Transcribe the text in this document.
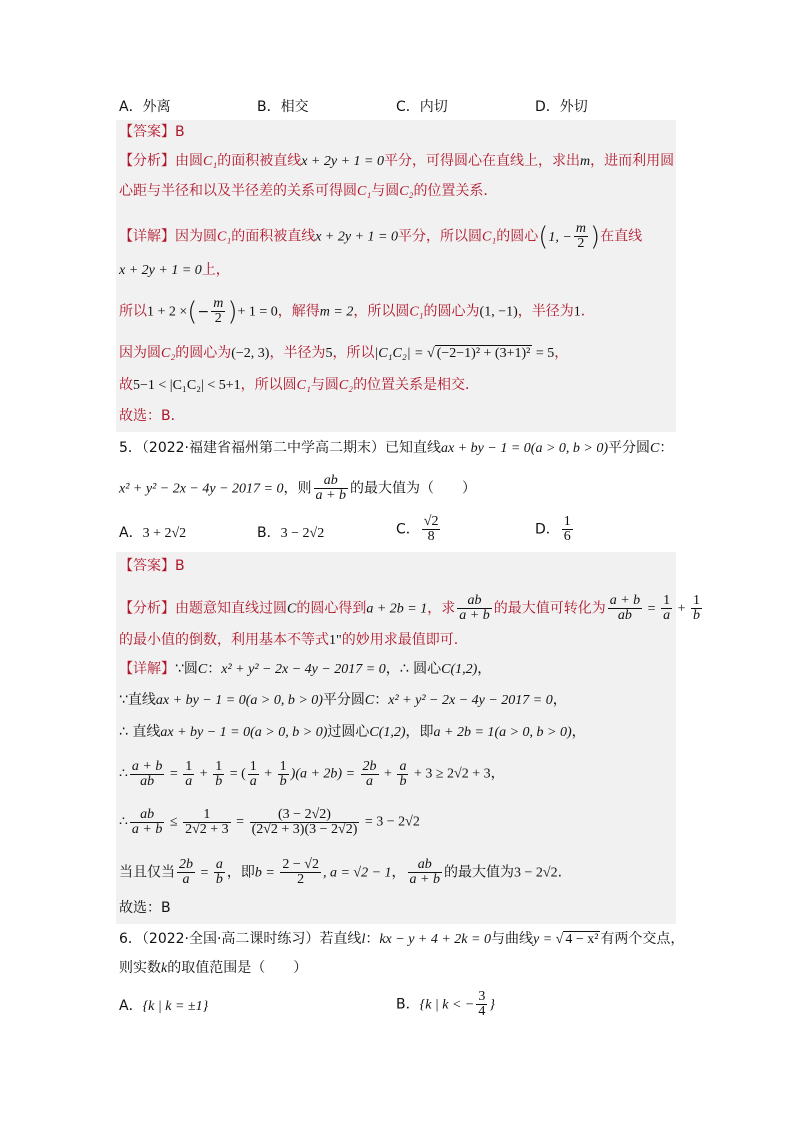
A．外离	B．相交	C．内切	D．外切
【答案】B
【分析】由圆C₁的面积被直线x + 2y + 1 = 0平分，可得圆心在直线上，求出m，进而利用圆
心距与半径和以及半径差的关系可得圆C₁与圆C₂的位置关系．
【详解】因为圆C₁的面积被直线x + 2y + 1 = 0平分，所以圆C₁的圆心(1, − $\frac{m}{2}$ )在直线
x + 2y + 1 = 0上，
所以1 + 2 ×(− $\frac{m}{2}$ )+ 1 = 0，解得m = 2，所以圆C₁的圆心为(1, −1)，半径为1．
因为圆C₂的圆心为(−2, 3)，半径为5，所以|C₁C₂| = √ (−2−1)² + (3+1)² = 5，
故5−1 < |C₁C₂| < 5+1，所以圆C₁与圆C₂的位置关系是相交．
故选：B．
5．（2022·福建省福州第二中学高二期末）已知直线ax + by − 1 = 0(a > 0, b > 0)平分圆C：
x² + y² − 2x − 4y − 2017 = 0，则 $\frac{ab}{a + b}$ 的最大值为（　　）
A．3 + 2√2	B．3 − 2√2	C． $\frac{√2}{8}$	D． $\frac{1}{6}$
【答案】B
【分析】由题意知直线过圆C的圆心得到a + 2b = 1，求 $\frac{ab}{a + b}$ 的最大值可转化为 $\frac{a + b}{ab} = \frac{1}{a} + \frac{1}{b}$
的最小值的倒数，利用基本不等式1"的妙用求最值即可.
【详解】∵圆C：x² + y² − 2x − 4y − 2017 = 0，∴ 圆心C(1,2)，
∵直线ax + by − 1 = 0(a > 0, b > 0)平分圆C：x² + y² − 2x − 4y − 2017 = 0，
∴ 直线ax + by − 1 = 0(a > 0, b > 0)过圆心C(1,2)，即a + 2b = 1(a > 0, b > 0)，
∴ $\frac{a + b}{ab} = \frac{1}{a} + \frac{1}{b}$ = ( $\frac{1}{a} + \frac{1}{b} )(a + 2b) = \frac{2b}{a} + \frac{a}{b} + 3 \ge 2√2 + 3$，
∴ $\frac{ab}{a + b} \le \frac{1}{2√2 + 3} = \frac{(3 - 2√2)}{(2√2 + 3)(3 - 2√2)} = 3 - 2√2$
当且仅当 $\frac{2b}{a} = \frac{a}{b}$ ，即$b = \frac{2 - √2}{2}$ , a = √2 − 1， $\frac{ab}{a + b}$ 的最大值为3 − 2√2.
故选：B
6．（2022·全国·高二课时练习）若直线l：kx − y + 4 + 2k = 0与曲线y = √ 4 − x² 有两个交点，
则实数k的取值范围是（　　）
A．{k | k = ±1}	B．{k | k < − $\frac{3}{4}$ }
